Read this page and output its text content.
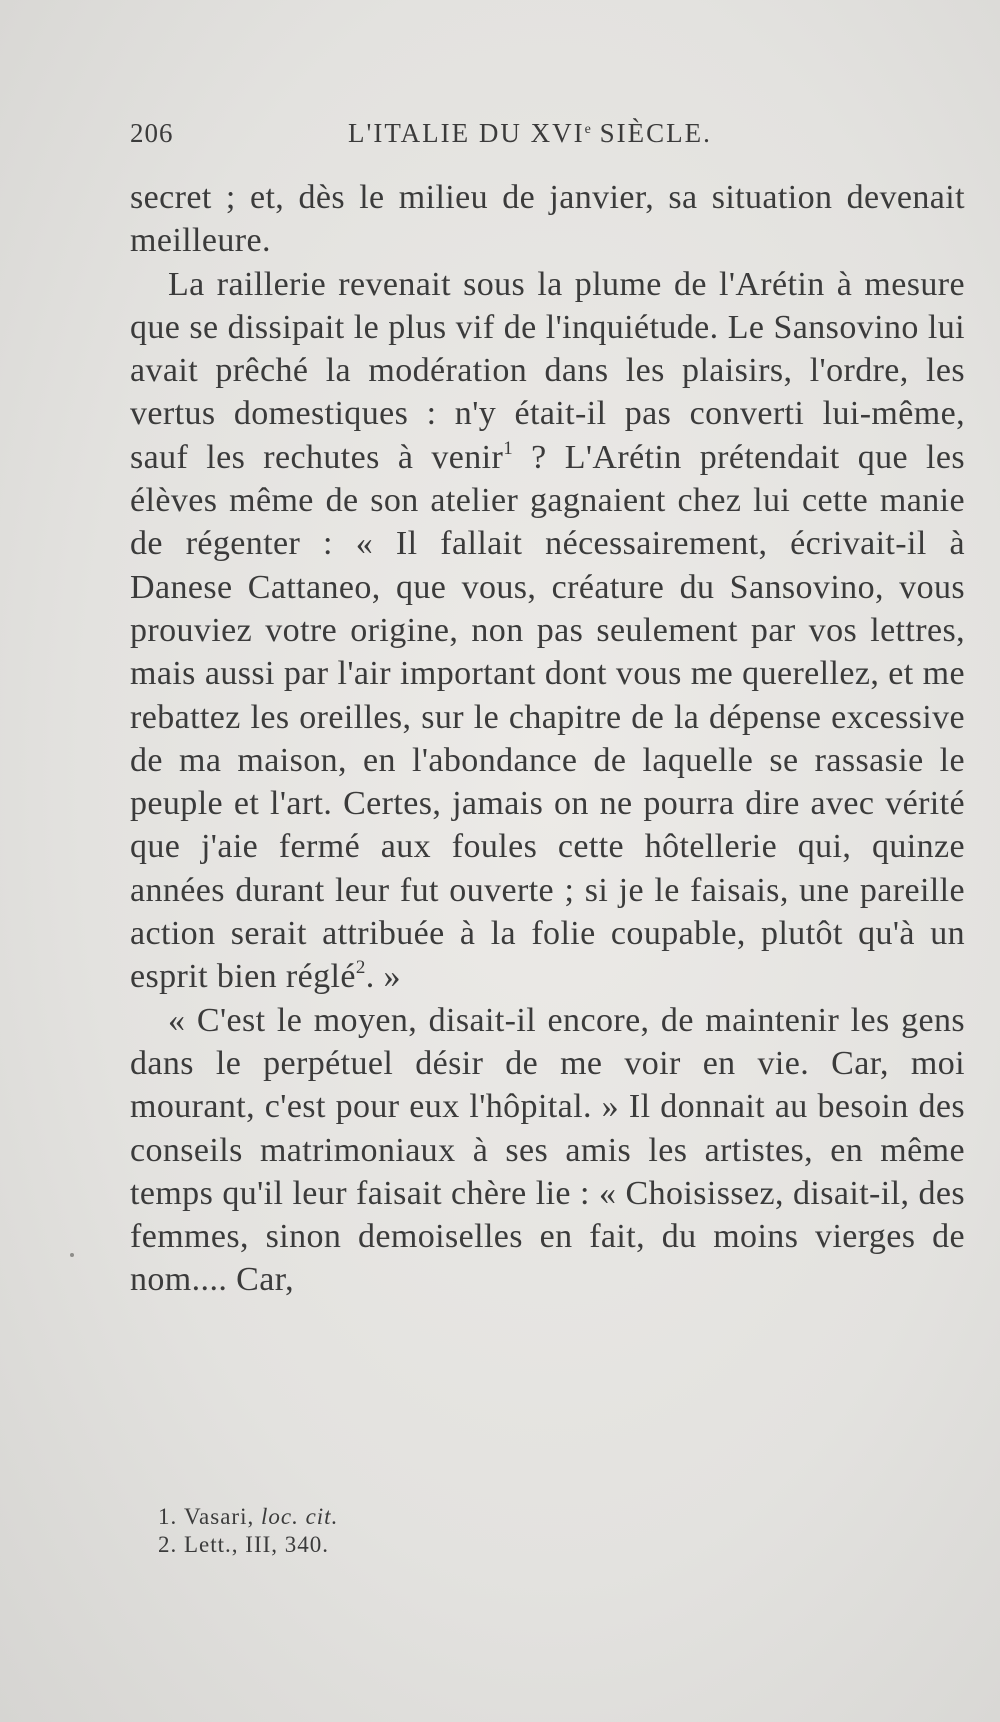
206	L'ITALIE DU XVIe SIÈCLE.

secret ; et, dès le milieu de janvier, sa situation devenait meilleure.

La raillerie revenait sous la plume de l'Arétin à mesure que se dissipait le plus vif de l'inquiétude. Le Sansovino lui avait prêché la modération dans les plaisirs, l'ordre, les vertus domestiques : n'y était-il pas converti lui-même, sauf les rechutes à venir$^1$ ? L'Arétin prétendait que les élèves même de son atelier gagnaient chez lui cette manie de régenter : « Il fallait nécessairement, écrivait-il à Danese Cattaneo, que vous, créature du Sansovino, vous prouviez votre origine, non pas seulement par vos lettres, mais aussi par l'air important dont vous me querellez, et me rebattez les oreilles, sur le chapitre de la dépense excessive de ma maison, en l'abondance de laquelle se rassasie le peuple et l'art. Certes, jamais on ne pourra dire avec vérité que j'aie fermé aux foules cette hôtellerie qui, quinze années durant leur fut ouverte ; si je le faisais, une pareille action serait attribuée à la folie coupable, plutôt qu'à un esprit bien réglé$^2$. »

« C'est le moyen, disait-il encore, de maintenir les gens dans le perpétuel désir de me voir en vie. Car, moi mourant, c'est pour eux l'hôpital. » Il donnait au besoin des conseils matrimoniaux à ses amis les artistes, en même temps qu'il leur faisait chère lie : « Choisissez, disait-il, des femmes, sinon demoiselles en fait, du moins vierges de nom.... Car,

1. Vasari, loc. cit.

2. Lett., III, 340.
